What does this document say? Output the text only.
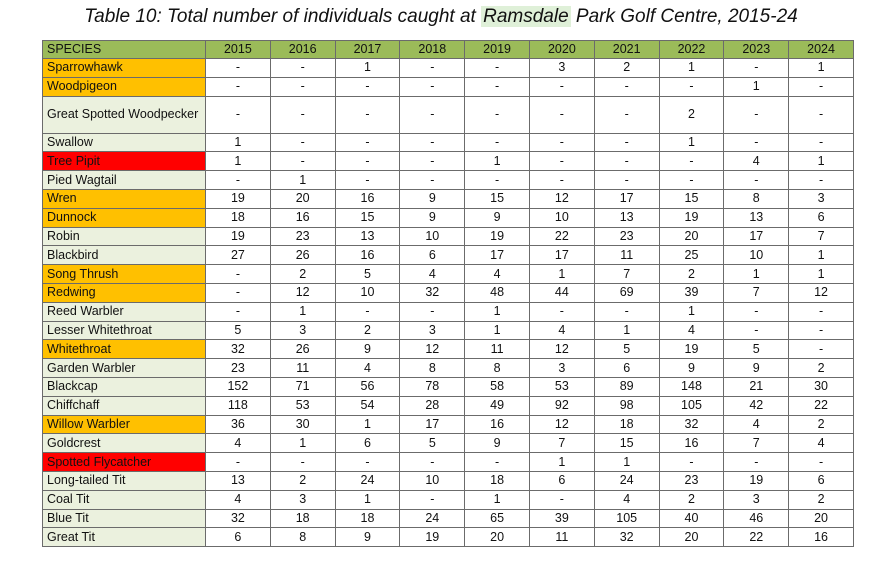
Table 10: Total number of individuals caught at Ramsdale Park Golf Centre, 2015-24
SPECIES	2015	2016	2017	2018	2019	2020	2021	2022	2023	2024
Sparrowhawk	-	-	1	-	-	3	2	1	-	1
Woodpigeon	-	-	-	-	-	-	-	-	1	-
Great Spotted Woodpecker	-	-	-	-	-	-	-	2	-	-
Swallow	1	-	-	-	-	-	-	1	-	-
Tree Pipit	1	-	-	-	1	-	-	-	4	1
Pied Wagtail	-	1	-	-	-	-	-	-	-	-
Wren	19	20	16	9	15	12	17	15	8	3
Dunnock	18	16	15	9	9	10	13	19	13	6
Robin	19	23	13	10	19	22	23	20	17	7
Blackbird	27	26	16	6	17	17	11	25	10	1
Song Thrush	-	2	5	4	4	1	7	2	1	1
Redwing	-	12	10	32	48	44	69	39	7	12
Reed Warbler	-	1	-	-	1	-	-	1	-	-
Lesser Whitethroat	5	3	2	3	1	4	1	4	-	-
Whitethroat	32	26	9	12	11	12	5	19	5	-
Garden Warbler	23	11	4	8	8	3	6	9	9	2
Blackcap	152	71	56	78	58	53	89	148	21	30
Chiffchaff	118	53	54	28	49	92	98	105	42	22
Willow Warbler	36	30	1	17	16	12	18	32	4	2
Goldcrest	4	1	6	5	9	7	15	16	7	4
Spotted Flycatcher	-	-	-	-	-	1	1	-	-	-
Long-tailed Tit	13	2	24	10	18	6	24	23	19	6
Coal Tit	4	3	1	-	1	-	4	2	3	2
Blue Tit	32	18	18	24	65	39	105	40	46	20
Great Tit	6	8	9	19	20	11	32	20	22	16
